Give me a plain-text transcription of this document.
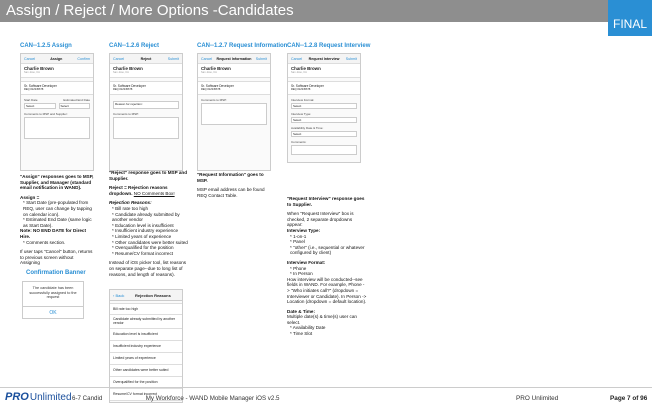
Assign / Reject / More Options -Candidates
FINAL
CAN--1.2.5 Assign
Cancel	Assign	Confirm
Charlie Brown
San Jose, CA
Sr. Software Developer
REQ #12345678
Start Date	Estimated End Date
Select	Select
Comments to MSP and Supplier:
CAN--1.2.6 Reject
Cancel	Reject	Submit
Charlie Brown
San Jose, CA
Sr. Software Developer
REQ #12345678
Reason for rejection:
Comments to MSP:
CAN--1.2.7 Request Information
Cancel Request Information Submit
Charlie Brown
San Jose, CA
Sr. Software Developer
REQ #12345678
Comments to MSP:
CAN--1.2.8 Request Interview
Cancel Request Interview Submit
Charlie Brown
San Jose, CA
Sr. Software Developer
REQ #12345678
Interview Format:
Select
Interview Type:
Select
Availability Date & Time:
Select
Comments:
"Assign" responses goes to MSP, Supplier, and Manager (standard email notification in WAND).
Assign =
* Start Date (pre-populated from REQ, user can change by tapping on calendar icon).
* Estimated End Date (same logic as Start Date).
Note: NO END DATE for Direct Hire.
* Comments section.
If user taps "Cancel" button, returns to previous screen without Assigning
Confirmation Banner
The candidate has been successfully assigned to the request
OK
"Reject" response goes to MSP and Supplier.
Reject = Rejection reasons dropdown. NO Comments Box!
Rejection Reasons:
* Bill rate too high
* Candidate already submitted by another vendor
* Education level is insufficient
* Insufficient industry experience
* Limited years of experience
* Other candidates were better suited
* Overqualified for the position
* Resume/CV format incorrect
Instead of iOS picker tool, list reasons on separate page--due to long list of reasons, and length of reasons).
‹ Back	Rejection Reasons
Bill rate too high
Candidate already submitted by another vendor
Education level is insufficient
Insufficient industry experience
Limited years of experience
Other candidates were better suited
Overqualified for the position
Resume/CV format incorrect
"Request Information" goes to MSP.
MSP email address can be found REQ Contact Table.
"Request Interview" response goes to Supplier.
When "Request Interview" box is checked, 2 separate dropdowns appear:
Interview Type:
* 1-on-1
* Panel
* "other" (i.e., sequential or whatever configured by client)
Interview Format:
* Phone
* In Person
How interview will be conducted--see fields in WAND. For example, Phone -> "Who initiates call?" (dropdown = Interviewer or Candidate). In Person -> Location (dropdown = default location).
Date & Time:
Multiple date(s) & time(s) user can select.
* Availability Date
* Time Slot
PRO Unlimited 6-7 Candid	My Workforce - WAND Mobile Manager iOS v2.5	PRO Unlimited	Page 7 of 96
